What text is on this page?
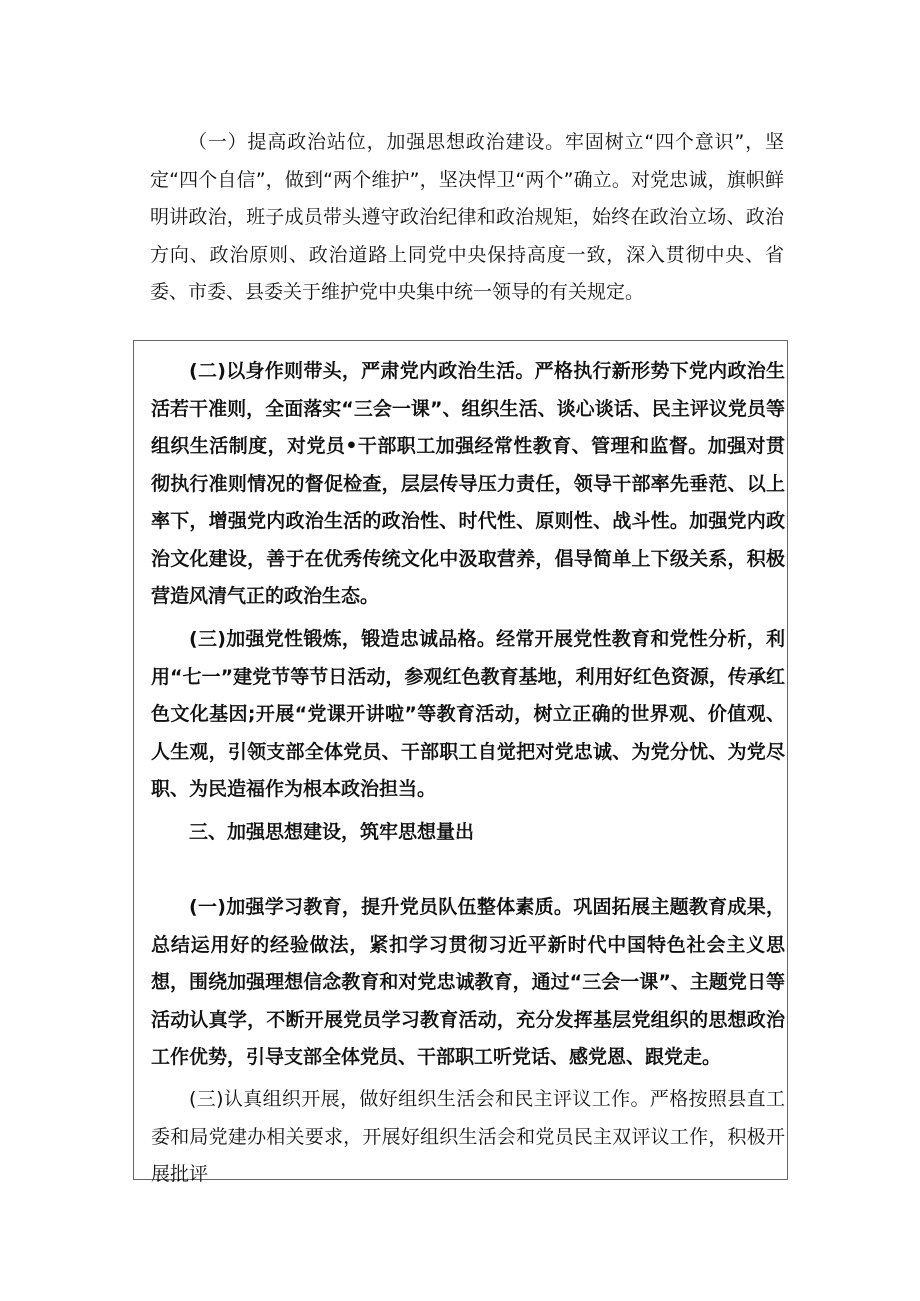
（一）提高政治站位，加强思想政治建设。牢固树立“四个意识”，坚定“四个自信”，做到“两个维护”，坚决悍卫“两个”确立。对党忠诚，旗帜鲜明讲政治，班子成员带头遵守政治纪律和政治规矩，始终在政治立场、政治方向、政治原则、政治道路上同党中央保持高度一致，深入贯彻中央、省委、市委、县委关于维护党中央集中统一领导的有关规定。

(二)以身作则带头，严肃党内政治生活。严格执行新形势下党内政治生活若干准则，全面落实“三会一课”、组织生活、谈心谈话、民主评议党员等组织生活制度，对党员•干部职工加强经常性教育、管理和监督。加强对贯彻执行准则情况的督促检查，层层传导压力责任，领导干部率先垂范、以上率下，增强党内政治生活的政治性、时代性、原则性、战斗性。加强党内政治文化建设，善于在优秀传统文化中汲取营养，倡导简单上下级关系，积极营造风清气正的政治生态。

(三)加强党性锻炼，锻造忠诚品格。经常开展党性教育和党性分析，利用“七一”建党节等节日活动，参观红色教育基地，利用好红色资源，传承红色文化基因;开展“党课开讲啦”等教育活动，树立正确的世界观、价值观、人生观，引领支部全体党员、干部职工自觉把对党忠诚、为党分忧、为党尽职、为民造福作为根本政治担当。

三、加强思想建设，筑牢思想量出

(一)加强学习教育，提升党员队伍整体素质。巩固拓展主题教育成果，总结运用好的经验做法，紧扣学习贯彻习近平新时代中国特色社会主义思想，围绕加强理想信念教育和对党忠诚教育，通过“三会一课”、主题党日等活动认真学，不断开展党员学习教育活动，充分发挥基层党组织的思想政治工作优势，引导支部全体党员、干部职工听党话、感党恩、跟党走。

(三)认真组织开展，做好组织生活会和民主评议工作。严格按照县直工委和局党建办相关要求，开展好组织生活会和党员民主双评议工作，积极开展批评
